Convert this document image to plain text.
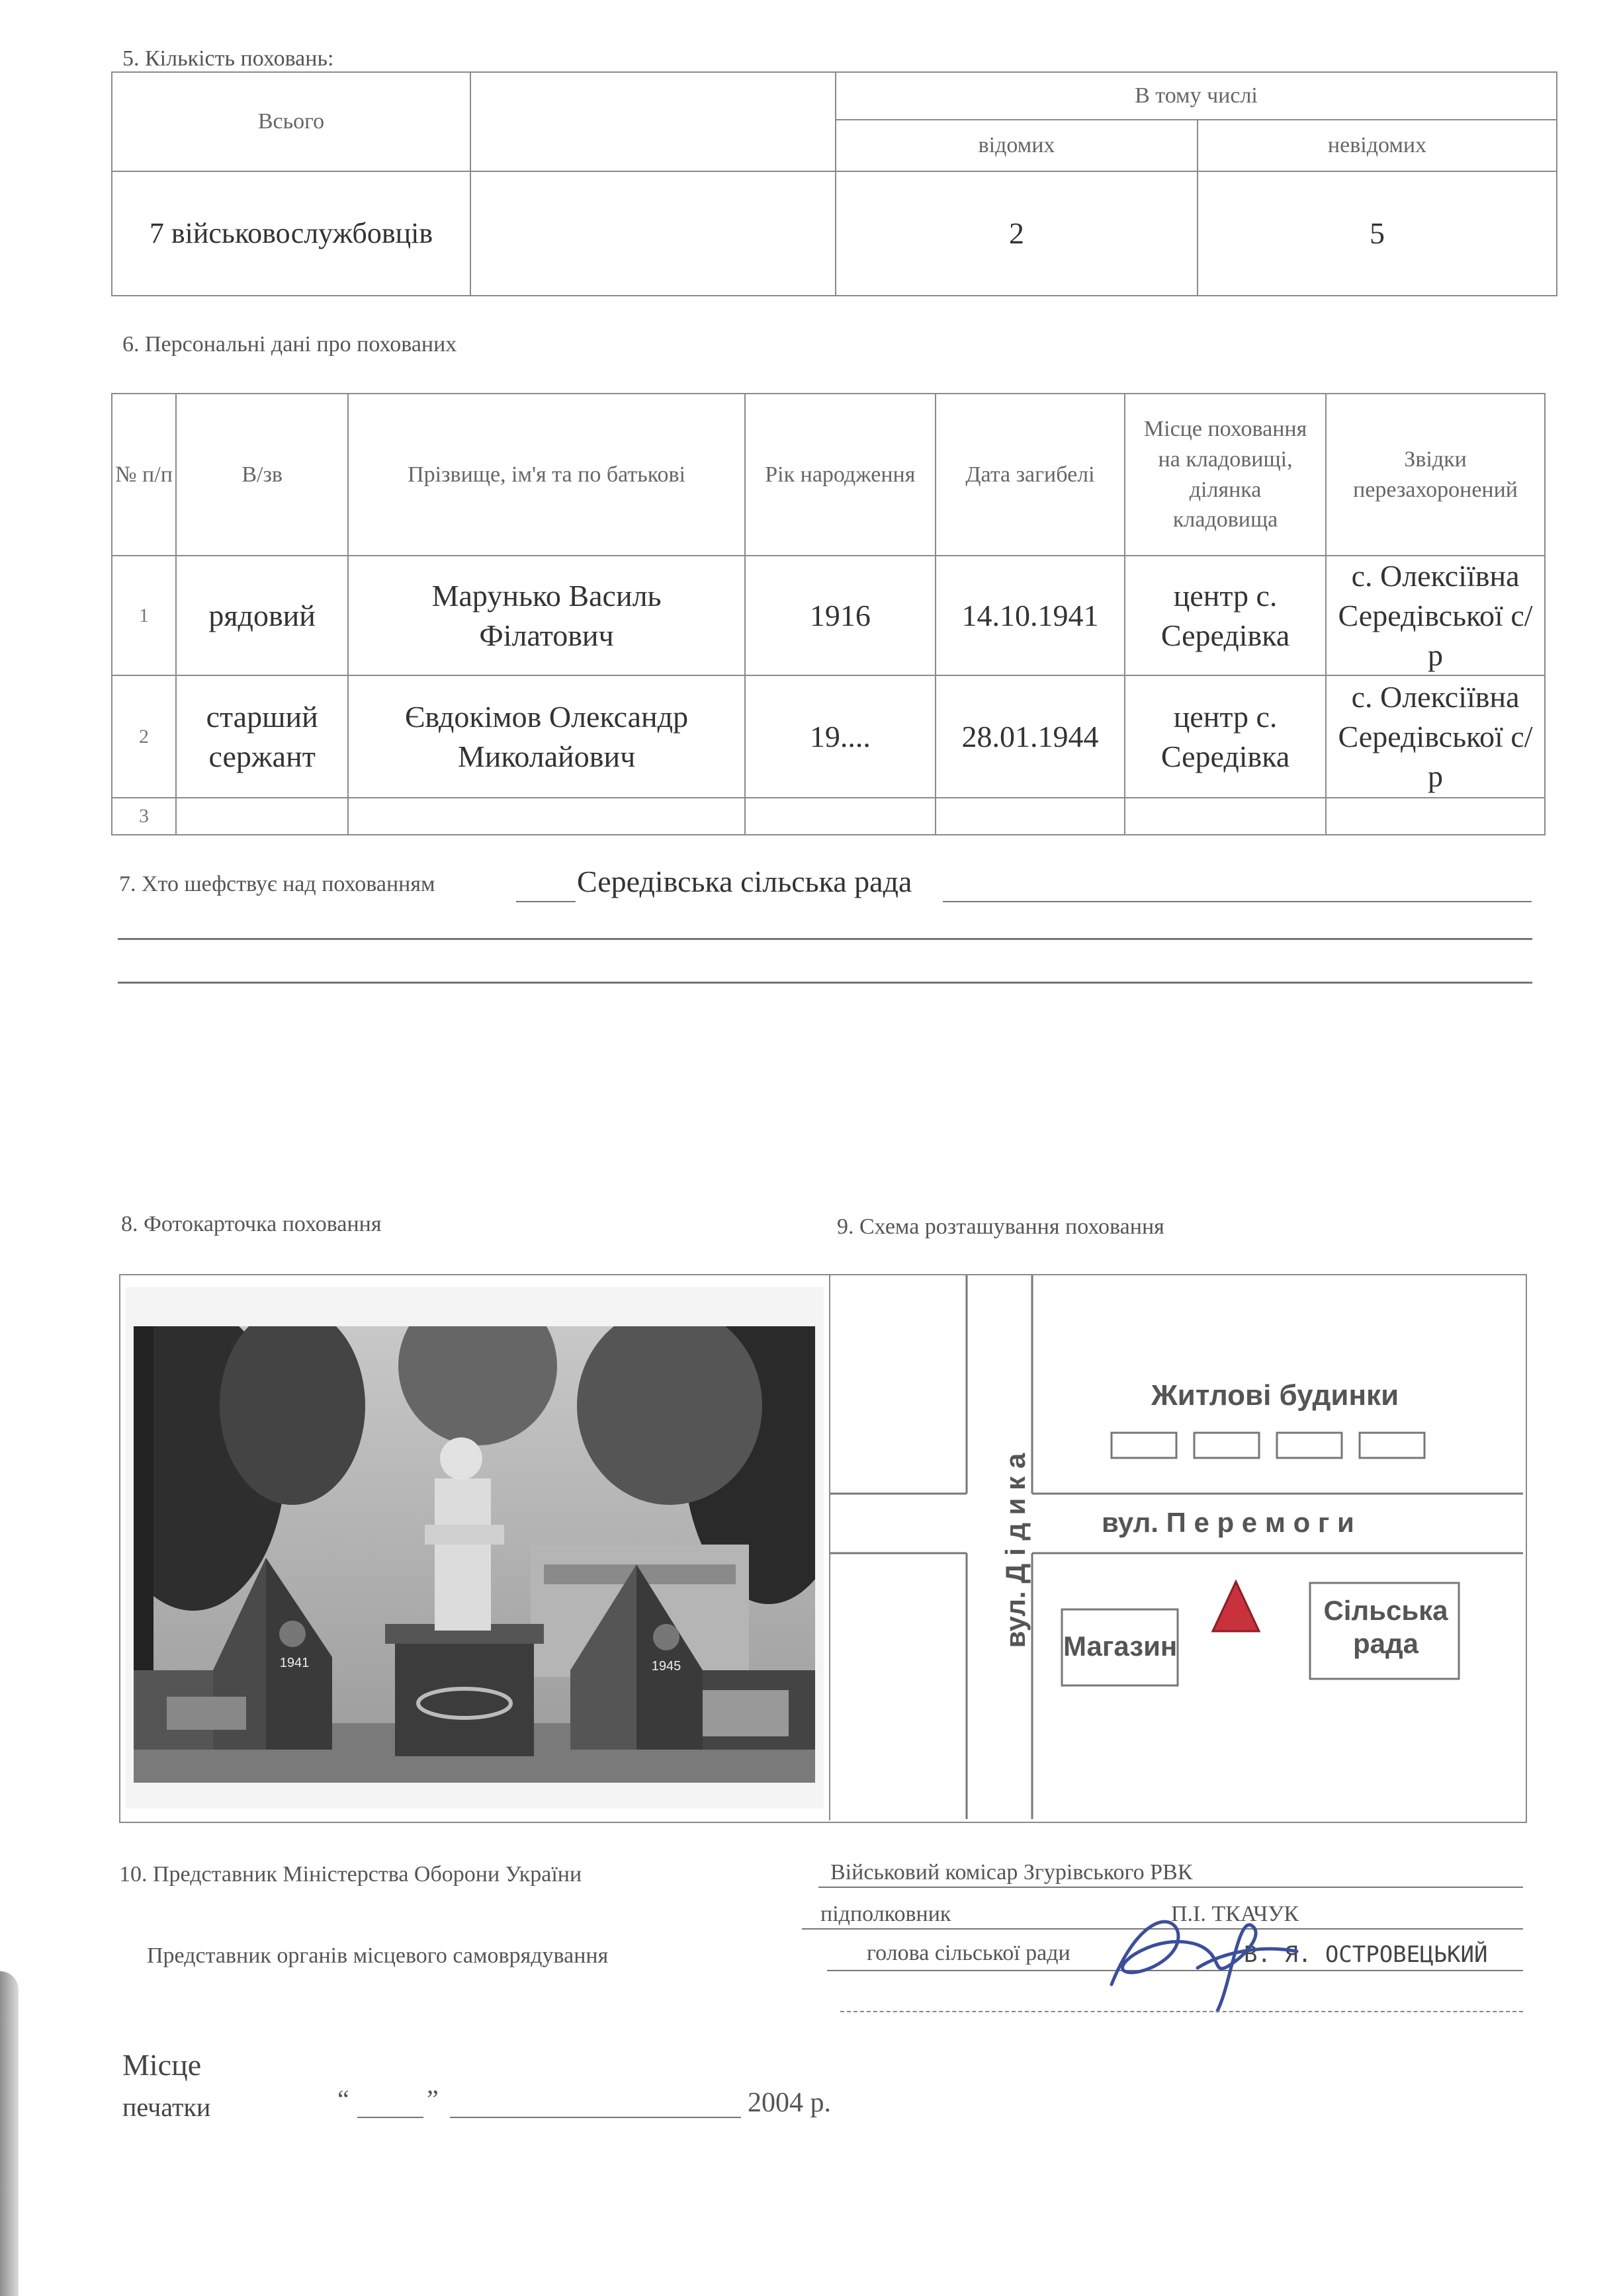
5. Кількість поховань:
Всього		В тому числі	
		відомих	невідомих
7 військовослужбовців		2	5
6. Персональні дані про похованих
№ п/п	В/зв	Прізвище, ім'я та по батькові	Рік народження	Дата загибелі	Місце поховання на кладовищі, ділянка кладовища	Звідки перезахоронений
1	рядовий	Марунько Василь Філатович	1916	14.10.1941	центр с. Середівка	с. Олексіївна Середівської с/р
2	старший сержант	Євдокімов Олександр Миколайович	19....	28.01.1944	центр с. Середівка	с. Олексіївна Середівської с/р
3						
7. Хто шефствує над похованням	Середівська сільська рада
8. Фотокарточка поховання	9. Схема розташування поховання
1941	1945
Житлові будинки
вул. П е р е м о г и
вул. Д і д и к а Магазин
Сільська рада
10. Представник Міністерства Оборони України	Військовий комісар Згурівського РВК
підполковник	П.І. ТКАЧУК
Представник органів місцевого самоврядування	голова сільської ради	В. Я. ОСТРОВЕЦЬКИЙ
Місце
печатки	“	”	2004 р.
